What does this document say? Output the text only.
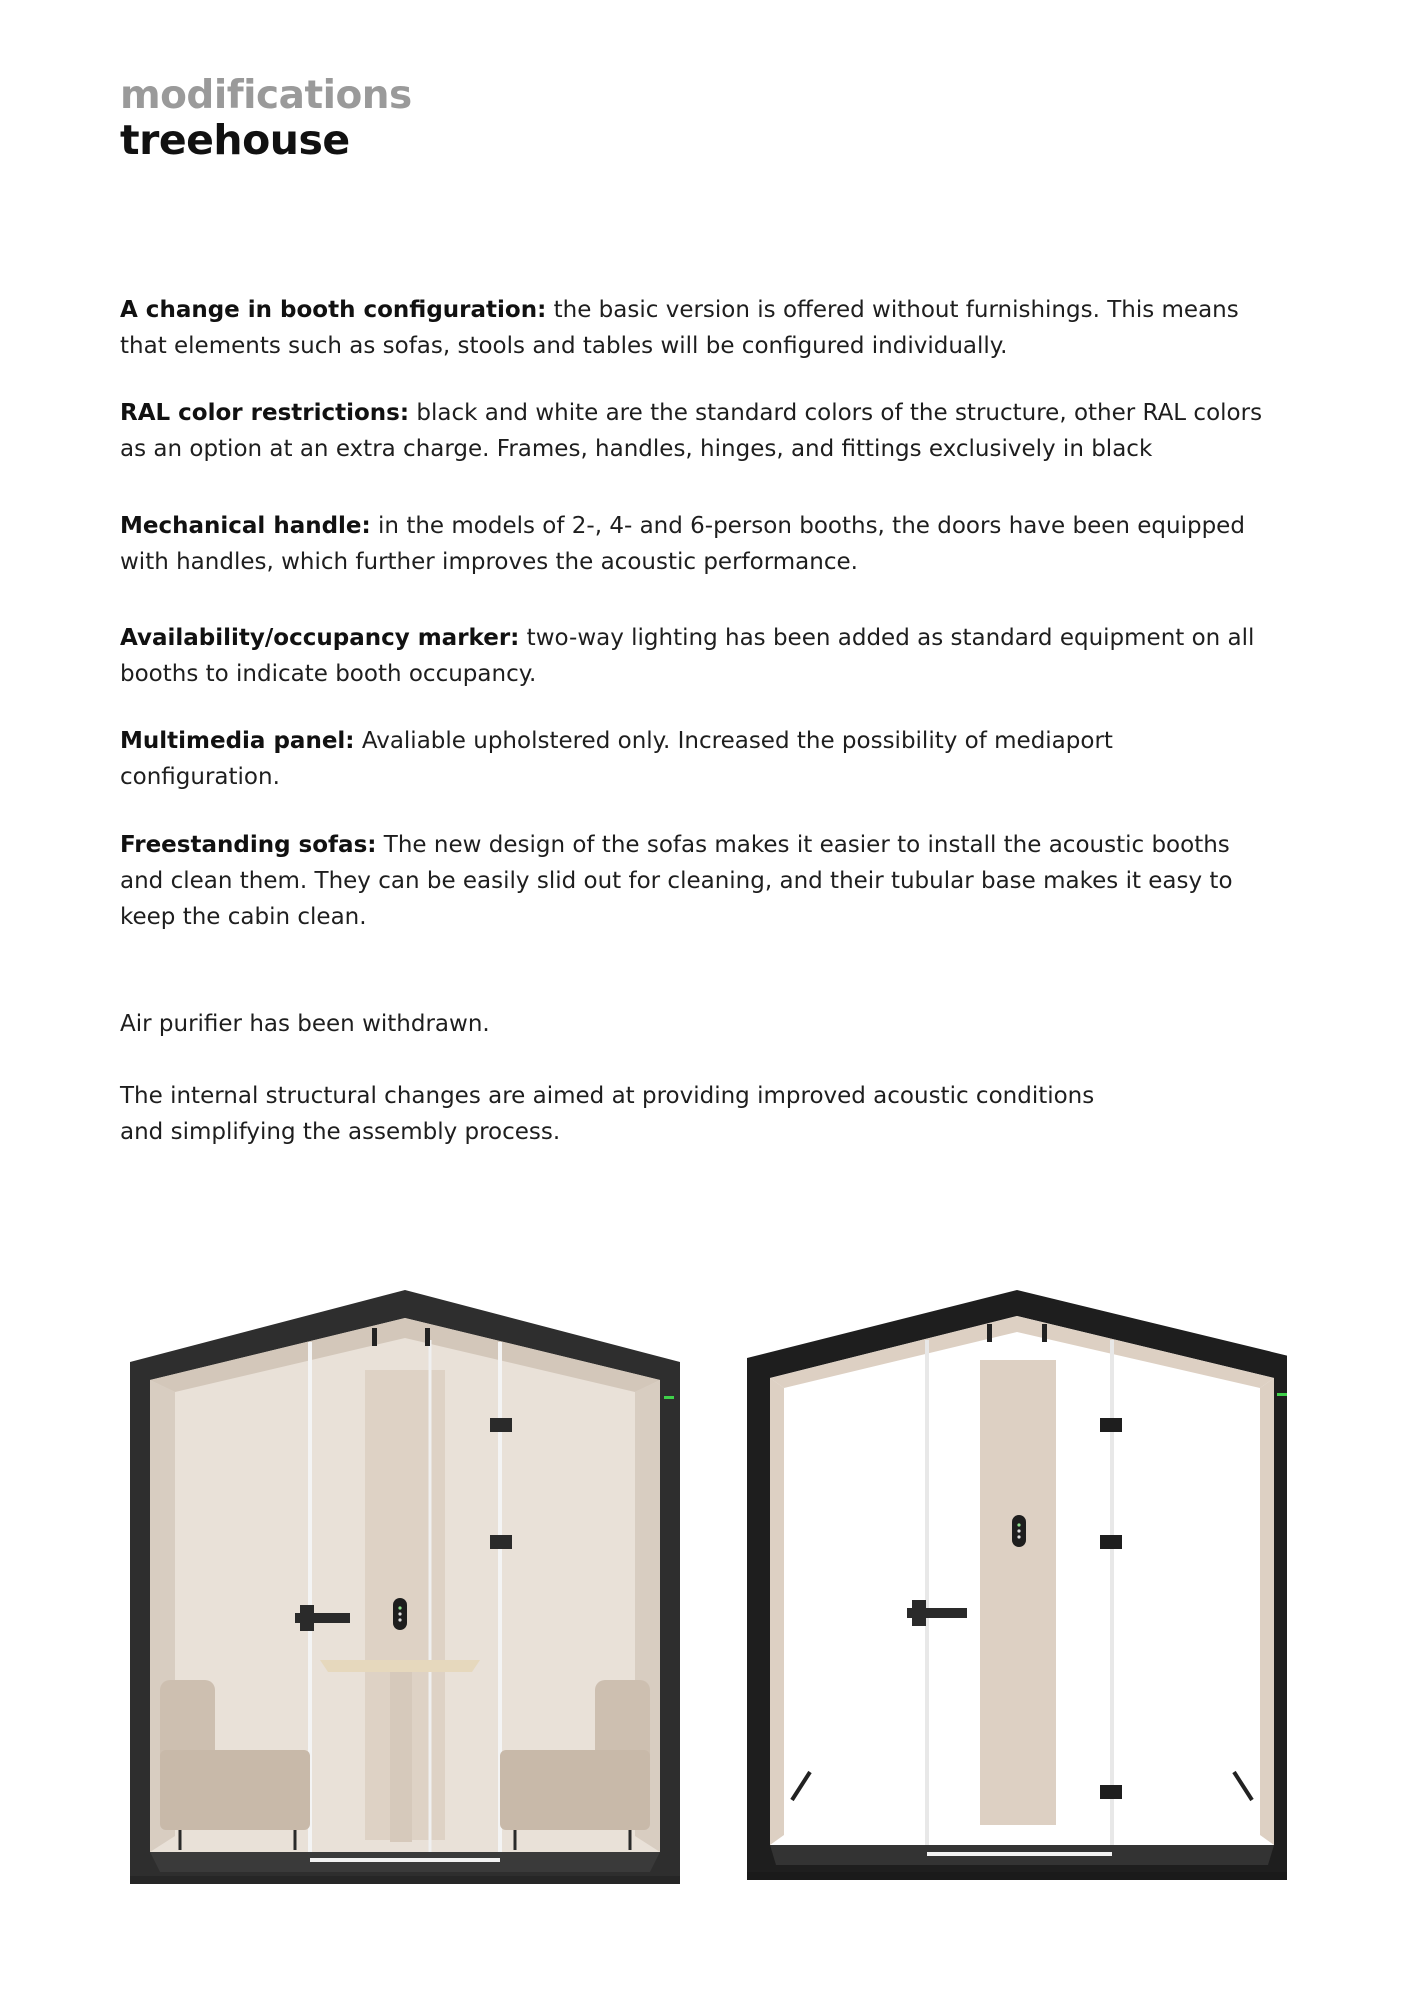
modifications
treehouse
A change in booth configuration: the basic version is offered without furnishings. This means that elements such as sofas, stools and tables will be configured individually.
RAL color restrictions: black and white are the standard colors of the structure, other RAL colors as an option at an extra charge. Frames, handles, hinges, and fittings exclusively in black
Mechanical handle: in the models of 2-, 4- and 6-person booths, the doors have been equipped with handles, which further improves the acoustic performance.
Availability/occupancy marker: two-way lighting has been added as standard equipment on all booths to indicate booth occupancy.
Multimedia panel: Avaliable upholstered only. Increased the possibility of mediaport configuration.
Freestanding sofas: The new design of the sofas makes it easier to install the acoustic booths and clean them. They can be easily slid out for cleaning, and their tubular base makes it easy to keep the cabin clean.
Air purifier has been withdrawn.
The internal structural changes are aimed at providing improved acoustic conditions
and simplifying the assembly process.
